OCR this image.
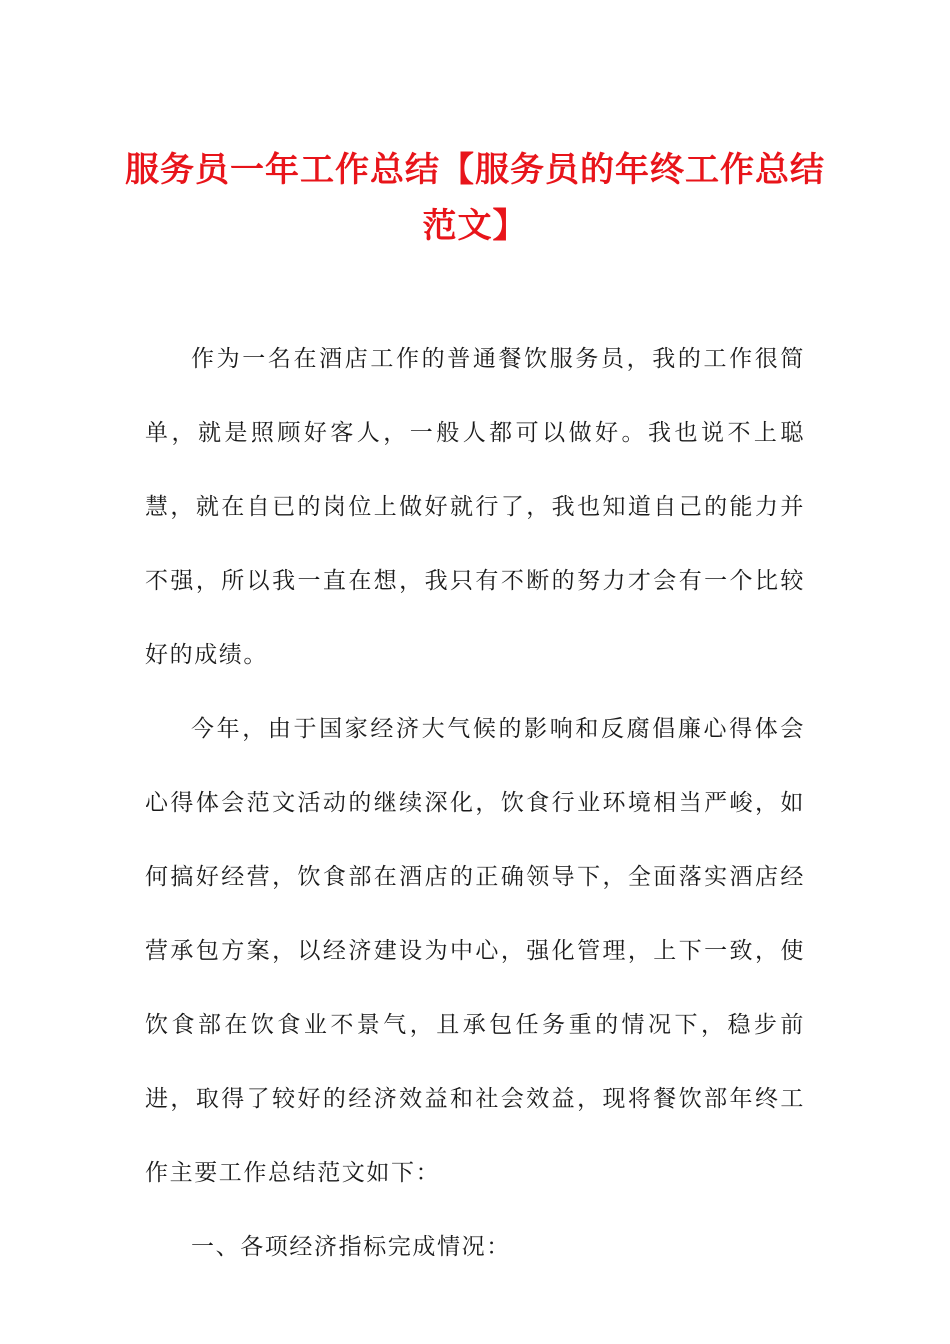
服务员一年工作总结【服务员的年终工作总结范文】

作为一名在酒店工作的普通餐饮服务员，我的工作很简单，就是照顾好客人，一般人都可以做好。我也说不上聪慧，就在自已的岗位上做好就行了，我也知道自己的能力并不强，所以我一直在想，我只有不断的努力才会有一个比较好的成绩。

今年，由于国家经济大气候的影响和反腐倡廉心得体会心得体会范文活动的继续深化，饮食行业环境相当严峻，如何搞好经营，饮食部在酒店的正确领导下，全面落实酒店经营承包方案，以经济建设为中心，强化管理，上下一致，使饮食部在饮食业不景气，且承包任务重的情况下，稳步前进，取得了较好的经济效益和社会效益，现将餐饮部年终工作主要工作总结范文如下：

一、各项经济指标完成情况：
